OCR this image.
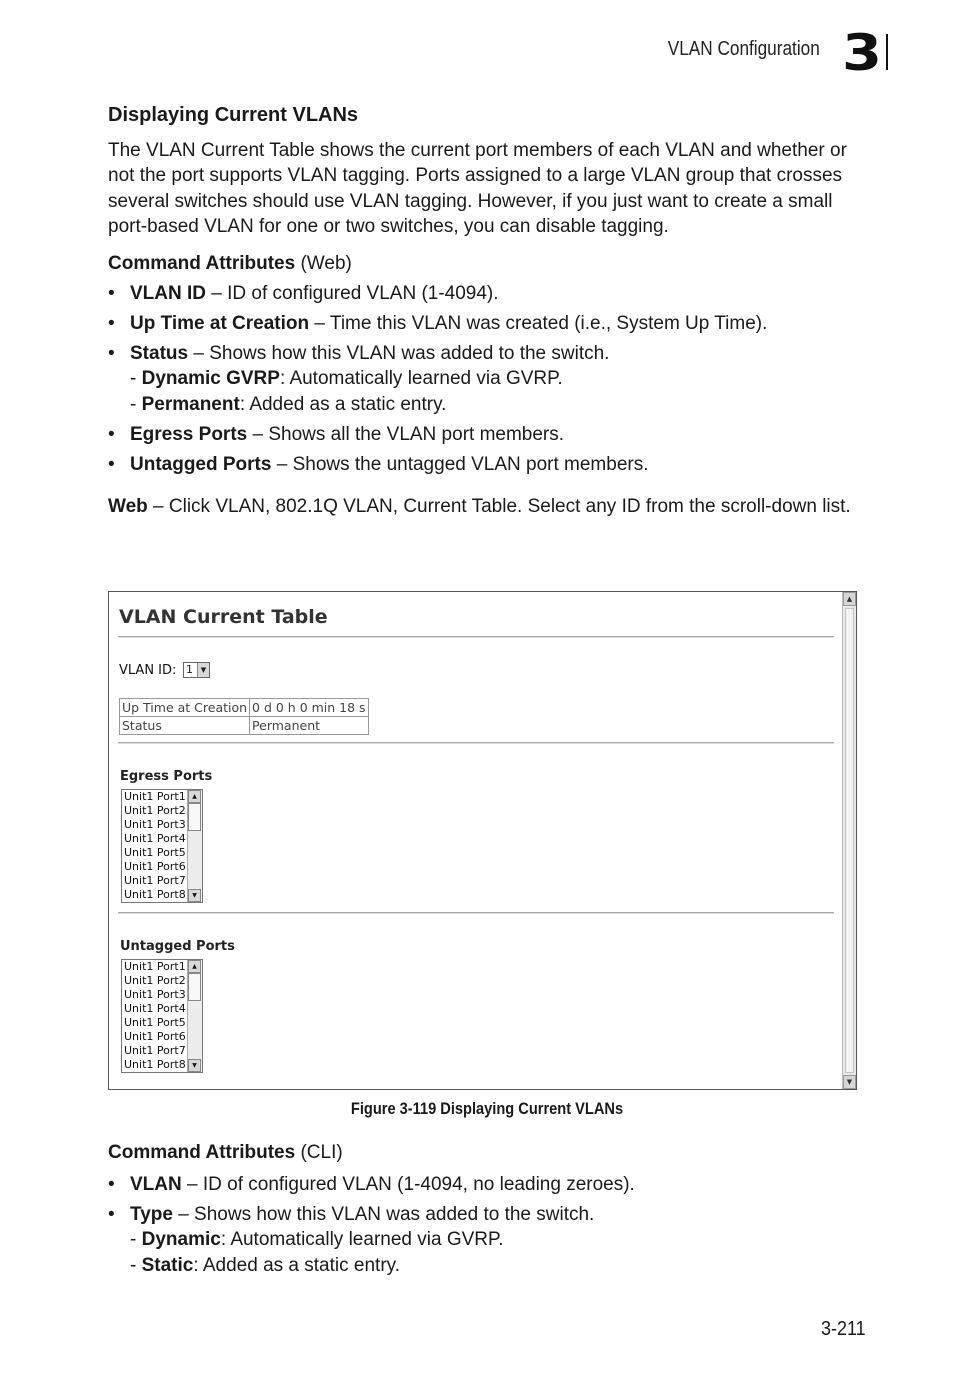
VLAN Configuration 3
Displaying Current VLANs

The VLAN Current Table shows the current port members of each VLAN and whether or not the port supports VLAN tagging. Ports assigned to a large VLAN group that crosses several switches should use VLAN tagging. However, if you just want to create a small port-based VLAN for one or two switches, you can disable tagging.

Command Attributes (Web)
• VLAN ID – ID of configured VLAN (1-4094).
• Up Time at Creation – Time this VLAN was created (i.e., System Up Time).
• Status – Shows how this VLAN was added to the switch.
- Dynamic GVRP: Automatically learned via GVRP.
- Permanent: Added as a static entry.
• Egress Ports – Shows all the VLAN port members.
• Untagged Ports – Shows the untagged VLAN port members.

Web – Click VLAN, 802.1Q VLAN, Current Table. Select any ID from the scroll-down list.

VLAN Current Table
VLAN ID: 1	▼
Up Time at Creation	0 d 0 h 0 min 18 s
Status	Permanent
Egress Ports
Unit1 Port1
Unit1 Port2
Unit1 Port3
Unit1 Port4
Unit1 Port5
Unit1 Port6
Unit1 Port7
Unit1 Port8
▲
▼
Untagged Ports
Unit1 Port1
Unit1 Port2
Unit1 Port3
Unit1 Port4
Unit1 Port5
Unit1 Port6
Unit1 Port7
Unit1 Port8
▲
▼
▲
▼
Figure 3-119 Displaying Current VLANs
Command Attributes (CLI)
• VLAN – ID of configured VLAN (1-4094, no leading zeroes).
• Type – Shows how this VLAN was added to the switch.
- Dynamic: Automatically learned via GVRP.
- Static: Added as a static entry.
3-211
